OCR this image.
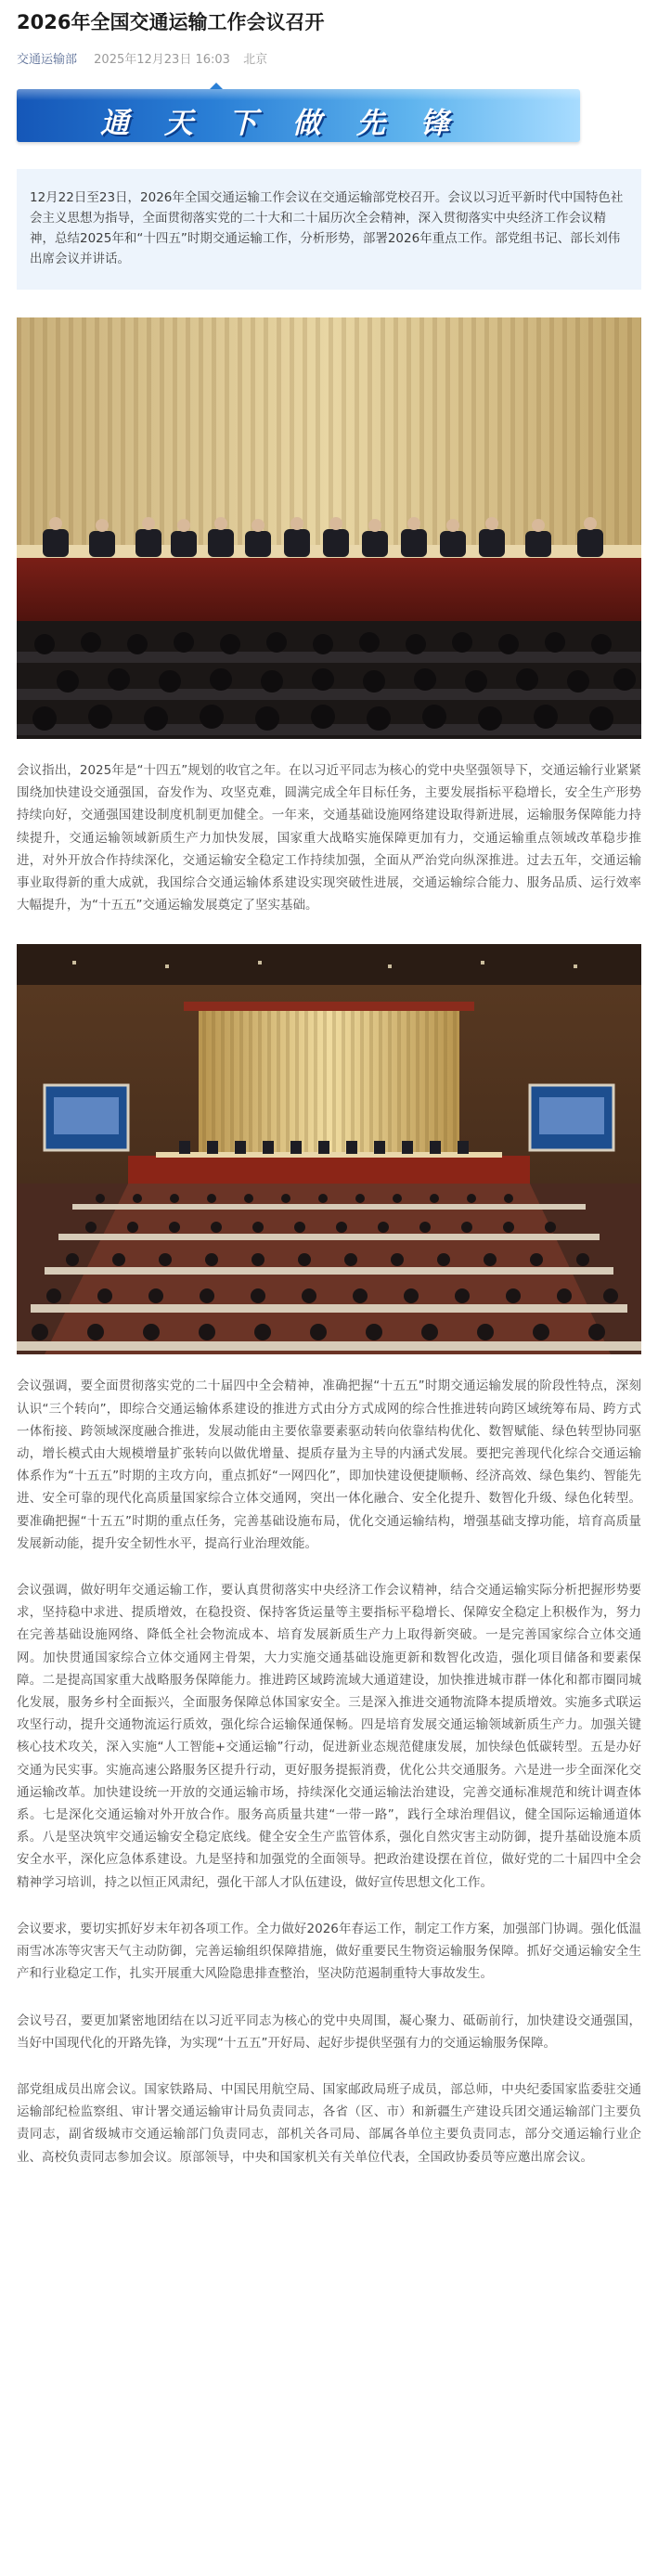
2026年全国交通运输工作会议召开
交通运输部 2025年12月23日 16:03 北京
通天下做先锋
12月22日至23日，2026年全国交通运输工作会议在交通运输部党校召开。会议以习近平新时代中国特色社会主义思想为指导，全面贯彻落实党的二十大和二十届历次全会精神，深入贯彻落实中央经济工作会议精神，总结2025年和“十四五”时期交通运输工作，分析形势，部署2026年重点工作。部党组书记、部长刘伟出席会议并讲话。

会议指出，2025年是“十四五”规划的收官之年。在以习近平同志为核心的党中央坚强领导下，交通运输行业紧紧围绕加快建设交通强国，奋发作为、攻坚克难，圆满完成全年目标任务，主要发展指标平稳增长，安全生产形势持续向好，交通强国建设制度机制更加健全。一年来，交通基础设施网络建设取得新进展，运输服务保障能力持续提升，交通运输领域新质生产力加快发展，国家重大战略实施保障更加有力，交通运输重点领域改革稳步推进，对外开放合作持续深化，交通运输安全稳定工作持续加强，全面从严治党向纵深推进。过去五年，交通运输事业取得新的重大成就，我国综合交通运输体系建设实现突破性进展，交通运输综合能力、服务品质、运行效率大幅提升，为“十五五”交通运输发展奠定了坚实基础。

会议强调，要全面贯彻落实党的二十届四中全会精神，准确把握“十五五”时期交通运输发展的阶段性特点，深刻认识“三个转向”，即综合交通运输体系建设的推进方式由分方式成网的综合性推进转向跨区域统筹布局、跨方式一体衔接、跨领域深度融合推进，发展动能由主要依靠要素驱动转向依靠结构优化、数智赋能、绿色转型协同驱动，增长模式由大规模增量扩张转向以做优增量、提质存量为主导的内涵式发展。要把完善现代化综合交通运输体系作为“十五五”时期的主攻方向，重点抓好“一网四化”，即加快建设便捷顺畅、经济高效、绿色集约、智能先进、安全可靠的现代化高质量国家综合立体交通网，突出一体化融合、安全化提升、数智化升级、绿色化转型。要准确把握“十五五”时期的重点任务，完善基础设施布局，优化交通运输结构，增强基础支撑功能，培育高质量发展新动能，提升安全韧性水平，提高行业治理效能。

会议强调，做好明年交通运输工作，要认真贯彻落实中央经济工作会议精神，结合交通运输实际分析把握形势要求，坚持稳中求进、提质增效，在稳投资、保持客货运量等主要指标平稳增长、保障安全稳定上积极作为，努力在完善基础设施网络、降低全社会物流成本、培育发展新质生产力上取得新突破。一是完善国家综合立体交通网。加快贯通国家综合立体交通网主骨架，大力实施交通基础设施更新和数智化改造，强化项目储备和要素保障。二是提高国家重大战略服务保障能力。推进跨区域跨流域大通道建设，加快推进城市群一体化和都市圈同城化发展，服务乡村全面振兴，全面服务保障总体国家安全。三是深入推进交通物流降本提质增效。实施多式联运攻坚行动，提升交通物流运行质效，强化综合运输保通保畅。四是培育发展交通运输领域新质生产力。加强关键核心技术攻关，深入实施“人工智能+交通运输”行动，促进新业态规范健康发展，加快绿色低碳转型。五是办好交通为民实事。实施高速公路服务区提升行动，更好服务提振消费，优化公共交通服务。六是进一步全面深化交通运输改革。加快建设统一开放的交通运输市场，持续深化交通运输法治建设，完善交通标准规范和统计调查体系。七是深化交通运输对外开放合作。服务高质量共建“一带一路”，践行全球治理倡议，健全国际运输通道体系。八是坚决筑牢交通运输安全稳定底线。健全安全生产监管体系，强化自然灾害主动防御，提升基础设施本质安全水平，深化应急体系建设。九是坚持和加强党的全面领导。把政治建设摆在首位，做好党的二十届四中全会精神学习培训，持之以恒正风肃纪，强化干部人才队伍建设，做好宣传思想文化工作。

会议要求，要切实抓好岁末年初各项工作。全力做好2026年春运工作，制定工作方案，加强部门协调。强化低温雨雪冰冻等灾害天气主动防御，完善运输组织保障措施，做好重要民生物资运输服务保障。抓好交通运输安全生产和行业稳定工作，扎实开展重大风险隐患排查整治，坚决防范遏制重特大事故发生。

会议号召，要更加紧密地团结在以习近平同志为核心的党中央周围，凝心聚力、砥砺前行，加快建设交通强国，当好中国现代化的开路先锋，为实现“十五五”开好局、起好步提供坚强有力的交通运输服务保障。

部党组成员出席会议。国家铁路局、中国民用航空局、国家邮政局班子成员，部总师，中央纪委国家监委驻交通运输部纪检监察组、审计署交通运输审计局负责同志，各省（区、市）和新疆生产建设兵团交通运输部门主要负责同志，副省级城市交通运输部门负责同志，部机关各司局、部属各单位主要负责同志，部分交通运输行业企业、高校负责同志参加会议。原部领导，中央和国家机关有关单位代表，全国政协委员等应邀出席会议。
